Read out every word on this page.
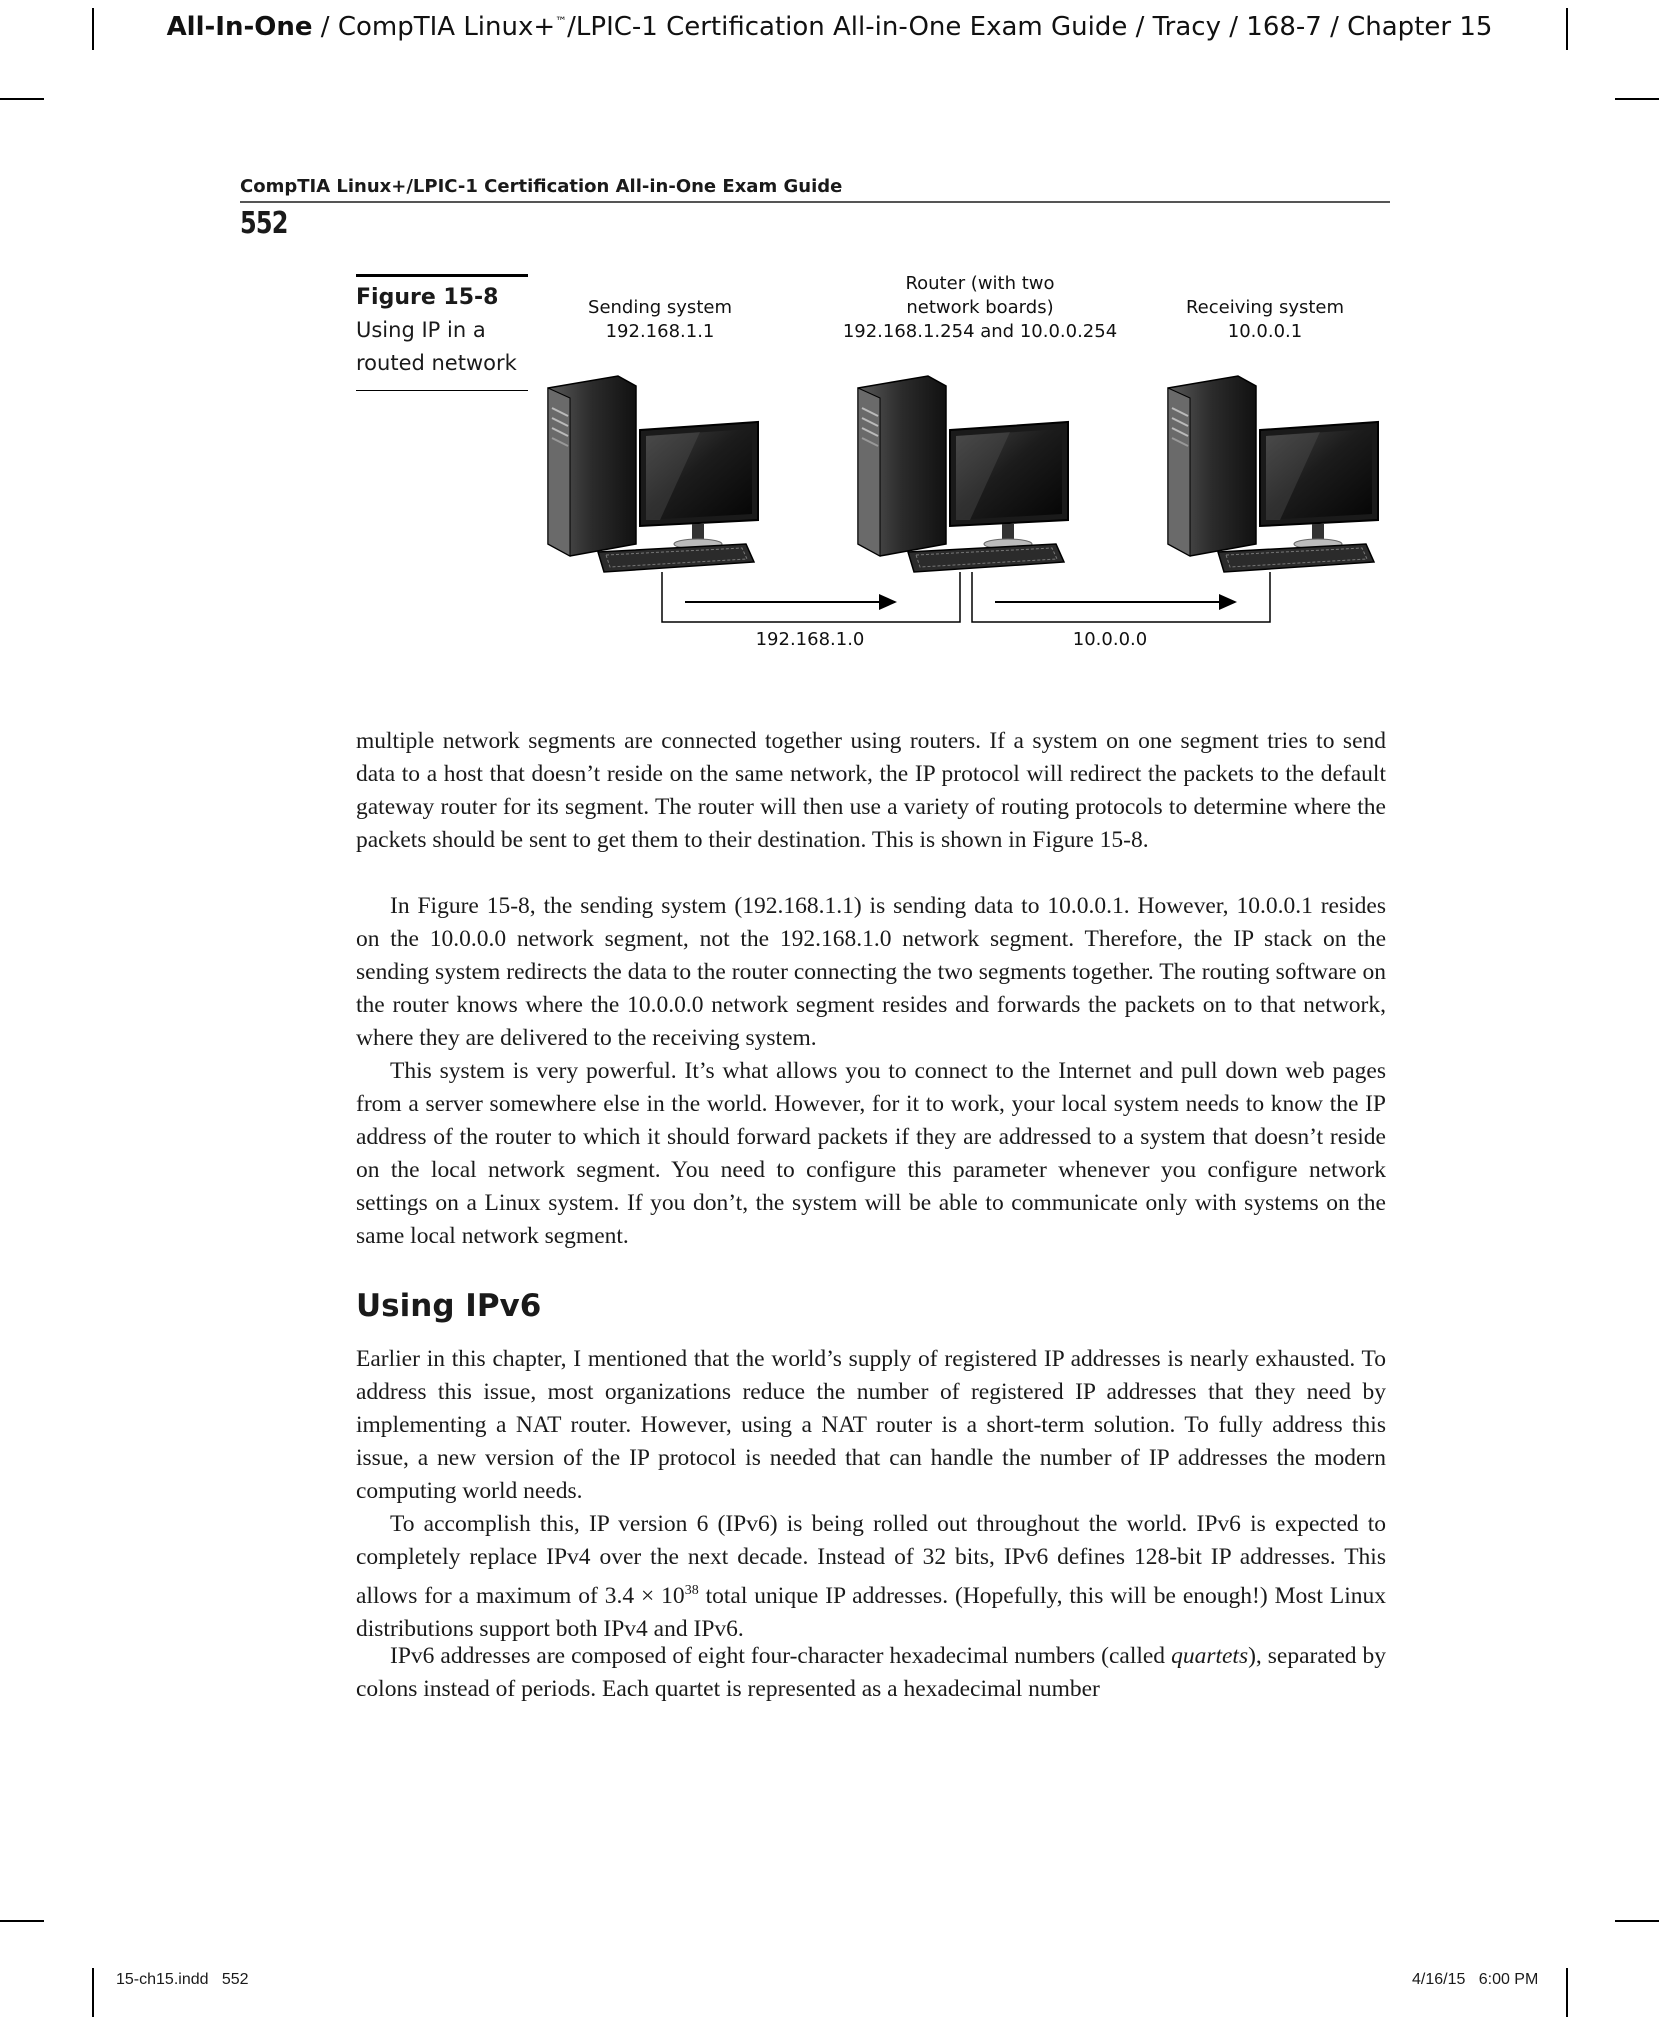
All-In-One / CompTIA Linux+™/LPIC-1 Certification All-in-One Exam Guide / Tracy / 168-7 / Chapter 15
CompTIA Linux+/LPIC-1 Certification All-in-One Exam Guide
552
Figure 15-8
Using IP in a routed network
Sending system
192.168.1.1
Router (with two
network boards)
192.168.1.254 and 10.0.0.254
Receiving system
10.0.0.1
192.168.1.0	10.0.0.0

multiple network segments are connected together using routers. If a system on one segment tries to send data to a host that doesn’t reside on the same network, the IP protocol will redirect the packets to the default gateway router for its segment. The router will then use a variety of routing protocols to determine where the packets should be sent to get them to their destination. This is shown in Figure 15-8.

In Figure 15-8, the sending system (192.168.1.1) is sending data to 10.0.0.1. However, 10.0.0.1 resides on the 10.0.0.0 network segment, not the 192.168.1.0 network segment. Therefore, the IP stack on the sending system redirects the data to the router connecting the two segments together. The routing software on the router knows where the 10.0.0.0 network segment resides and forwards the packets on to that network, where they are delivered to the receiving system.

This system is very powerful. It’s what allows you to connect to the Internet and pull down web pages from a server somewhere else in the world. However, for it to work, your local system needs to know the IP address of the router to which it should forward packets if they are addressed to a system that doesn’t reside on the local network segment. You need to configure this parameter whenever you configure network settings on a Linux system. If you don’t, the system will be able to communicate only with systems on the same local network segment.

Using IPv6

Earlier in this chapter, I mentioned that the world’s supply of registered IP addresses is nearly exhausted. To address this issue, most organizations reduce the number of registered IP addresses that they need by implementing a NAT router. However, using a NAT router is a short-term solution. To fully address this issue, a new version of the IP protocol is needed that can handle the number of IP addresses the modern computing world needs.

To accomplish this, IP version 6 (IPv6) is being rolled out throughout the world. IPv6 is expected to completely replace IPv4 over the next decade. Instead of 32 bits, IPv6 defines 128-bit IP addresses. This allows for a maximum of $3.4 \times 10^{38}$ total unique IP addresses. (Hopefully, this will be enough!) Most Linux distributions support both IPv4 and IPv6.

IPv6 addresses are composed of eight four-character hexadecimal numbers (called quartets), separated by colons instead of periods. Each quartet is represented as a hexadecimal number

15-ch15.indd   552	4/16/15   6:00 PM
